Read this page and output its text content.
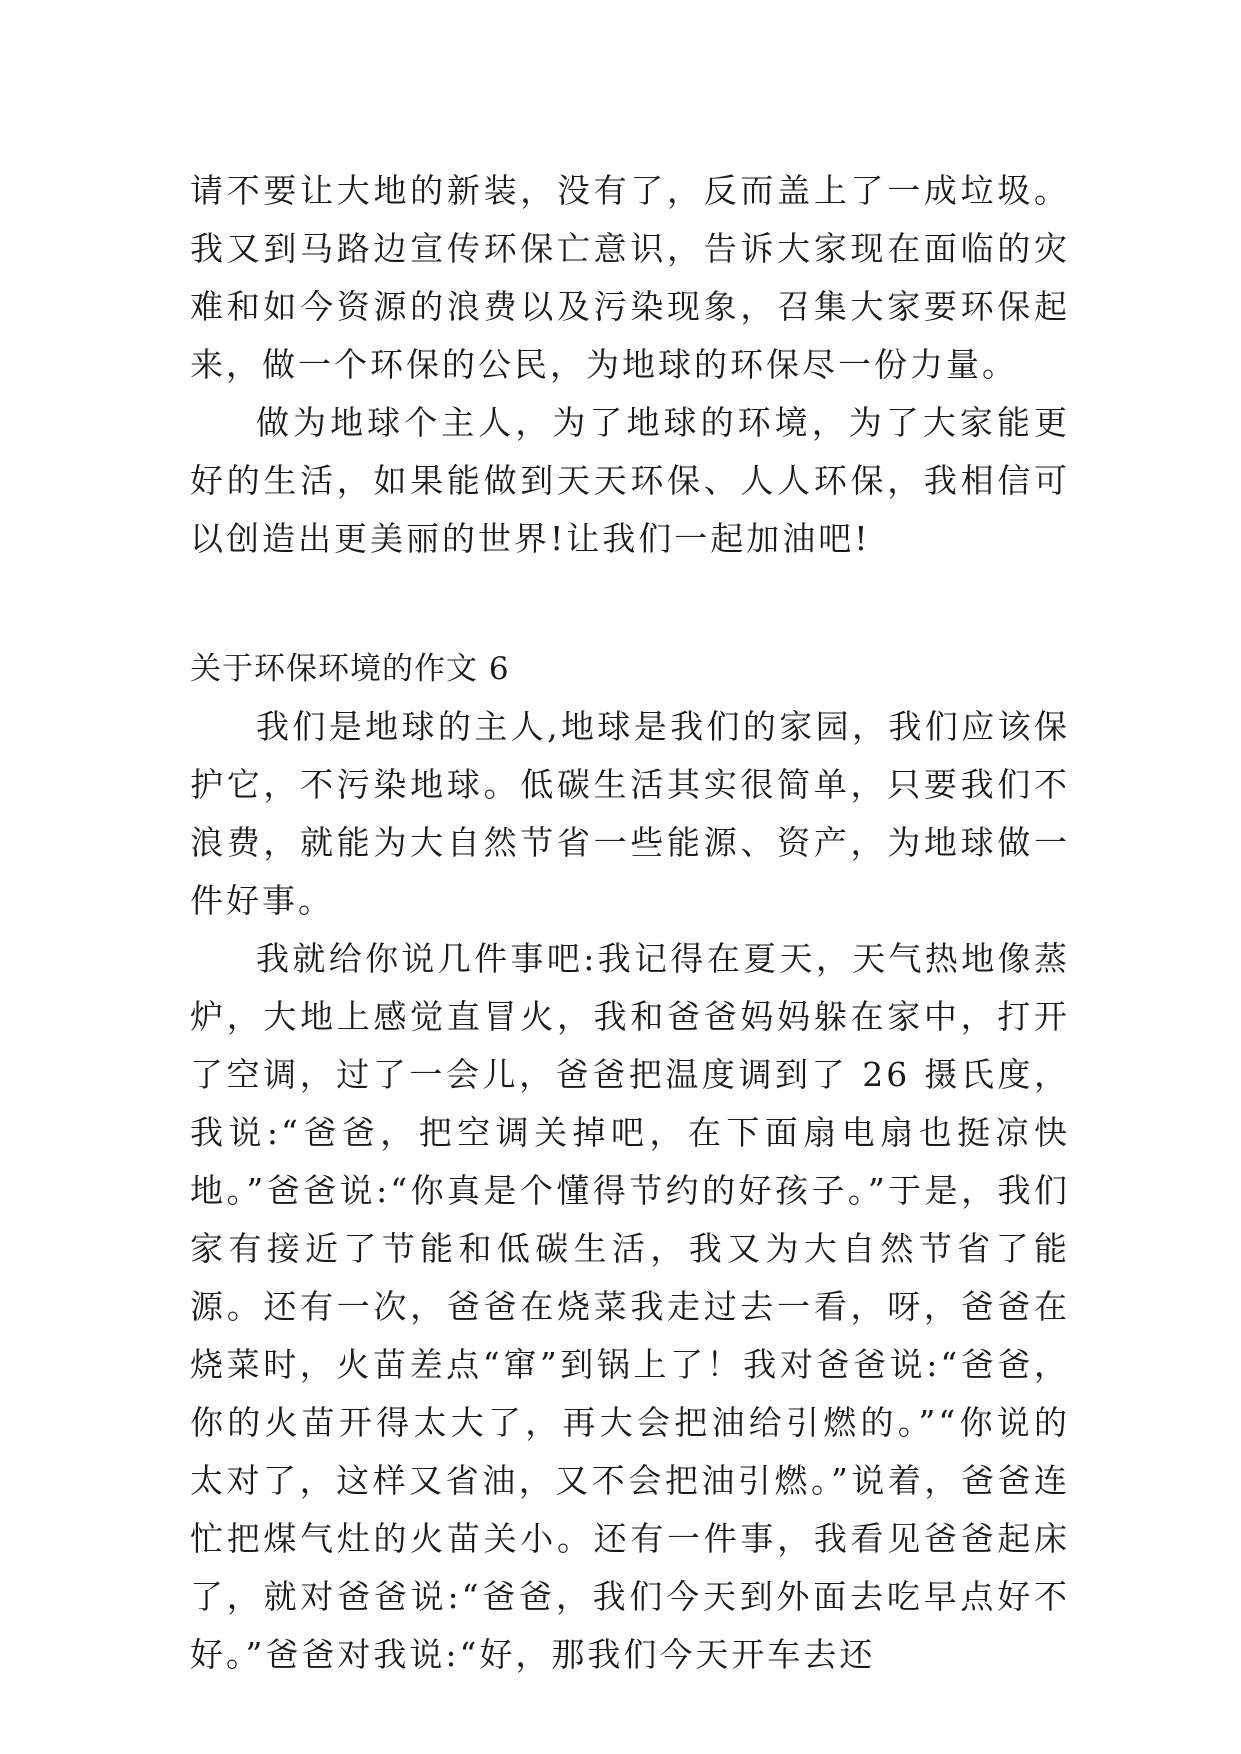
请不要让大地的新装，没有了，反而盖上了一成垃圾。我又到马路边宣传环保亡意识，告诉大家现在面临的灾难和如今资源的浪费以及污染现象，召集大家要环保起来，做一个环保的公民，为地球的环保尽一份力量。

做为地球个主人，为了地球的环境，为了大家能更好的生活，如果能做到天天环保、人人环保，我相信可以创造出更美丽的世界!让我们一起加油吧!

关于环保环境的作文 6

我们是地球的主人,地球是我们的家园，我们应该保护它，不污染地球。低碳生活其实很简单，只要我们不浪费，就能为大自然节省一些能源、资产，为地球做一件好事。

我就给你说几件事吧:我记得在夏天，天气热地像蒸炉，大地上感觉直冒火，我和爸爸妈妈躲在家中，打开了空调，过了一会儿，爸爸把温度调到了 26 摄氏度，我说:“爸爸，把空调关掉吧，在下面扇电扇也挺凉快地。”爸爸说:“你真是个懂得节约的好孩子。”于是，我们家有接近了节能和低碳生活，我又为大自然节省了能源。还有一次，爸爸在烧菜我走过去一看，呀，爸爸在烧菜时，火苗差点“窜”到锅上了！我对爸爸说:“爸爸，你的火苗开得太大了，再大会把油给引燃的。”“你说的太对了，这样又省油，又不会把油引燃。”说着，爸爸连忙把煤气灶的火苗关小。还有一件事，我看见爸爸起床了，就对爸爸说:“爸爸，我们今天到外面去吃早点好不好。”爸爸对我说:“好，那我们今天开车去还
